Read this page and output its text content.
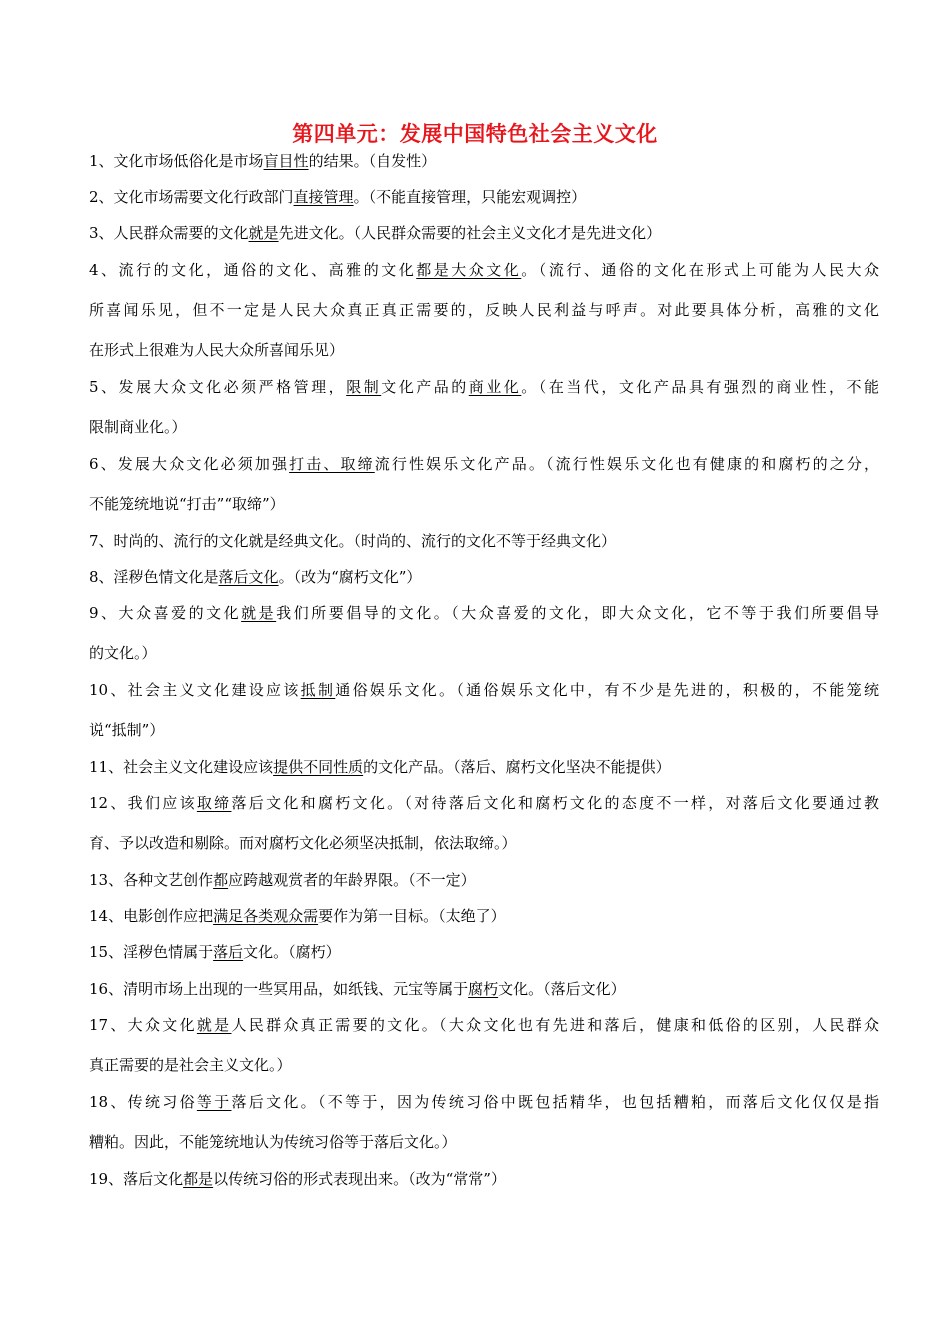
第四单元：发展中国特色社会主义文化
1、文化市场低俗化是市场盲目性的结果。（自发性）
2、文化市场需要文化行政部门直接管理。（不能直接管理，只能宏观调控）
3、人民群众需要的文化就是先进文化。（人民群众需要的社会主义文化才是先进文化）
4、流行的文化，通俗的文化、高雅的文化都是大众文化。（流行、通俗的文化在形式上可能为人民大众
所喜闻乐见，但不一定是人民大众真正真正需要的，反映人民利益与呼声。对此要具体分析，高雅的文化
在形式上很难为人民大众所喜闻乐见）
5、发展大众文化必须严格管理，限制文化产品的商业化。（在当代，文化产品具有强烈的商业性，不能
限制商业化。）
6、发展大众文化必须加强打击、取缔流行性娱乐文化产品。（流行性娱乐文化也有健康的和腐朽的之分，
不能笼统地说“打击”“取缔”）
7、时尚的、流行的文化就是经典文化。（时尚的、流行的文化不等于经典文化）
8、淫秽色情文化是落后文化。（改为“腐朽文化”）
9、大众喜爱的文化就是我们所要倡导的文化。（大众喜爱的文化，即大众文化，它不等于我们所要倡导
的文化。）
10、社会主义文化建设应该抵制通俗娱乐文化。（通俗娱乐文化中，有不少是先进的，积极的，不能笼统
说“抵制”）
11、社会主义文化建设应该提供不同性质的文化产品。（落后、腐朽文化坚决不能提供）
12、我们应该取缔落后文化和腐朽文化。（对待落后文化和腐朽文化的态度不一样，对落后文化要通过教
育、予以改造和剔除。而对腐朽文化必须坚决抵制，依法取缔。）
13、各种文艺创作都应跨越观赏者的年龄界限。（不一定）
14、电影创作应把满足各类观众需要作为第一目标。（太绝了）
15、淫秽色情属于落后文化。（腐朽）
16、清明市场上出现的一些冥用品，如纸钱、元宝等属于腐朽文化。（落后文化）
17、大众文化就是人民群众真正需要的文化。（大众文化也有先进和落后，健康和低俗的区别，人民群众
真正需要的是社会主义文化。）
18、传统习俗等于落后文化。（不等于，因为传统习俗中既包括精华，也包括糟粕，而落后文化仅仅是指
糟粕。因此，不能笼统地认为传统习俗等于落后文化。）
19、落后文化都是以传统习俗的形式表现出来。（改为“常常”）
